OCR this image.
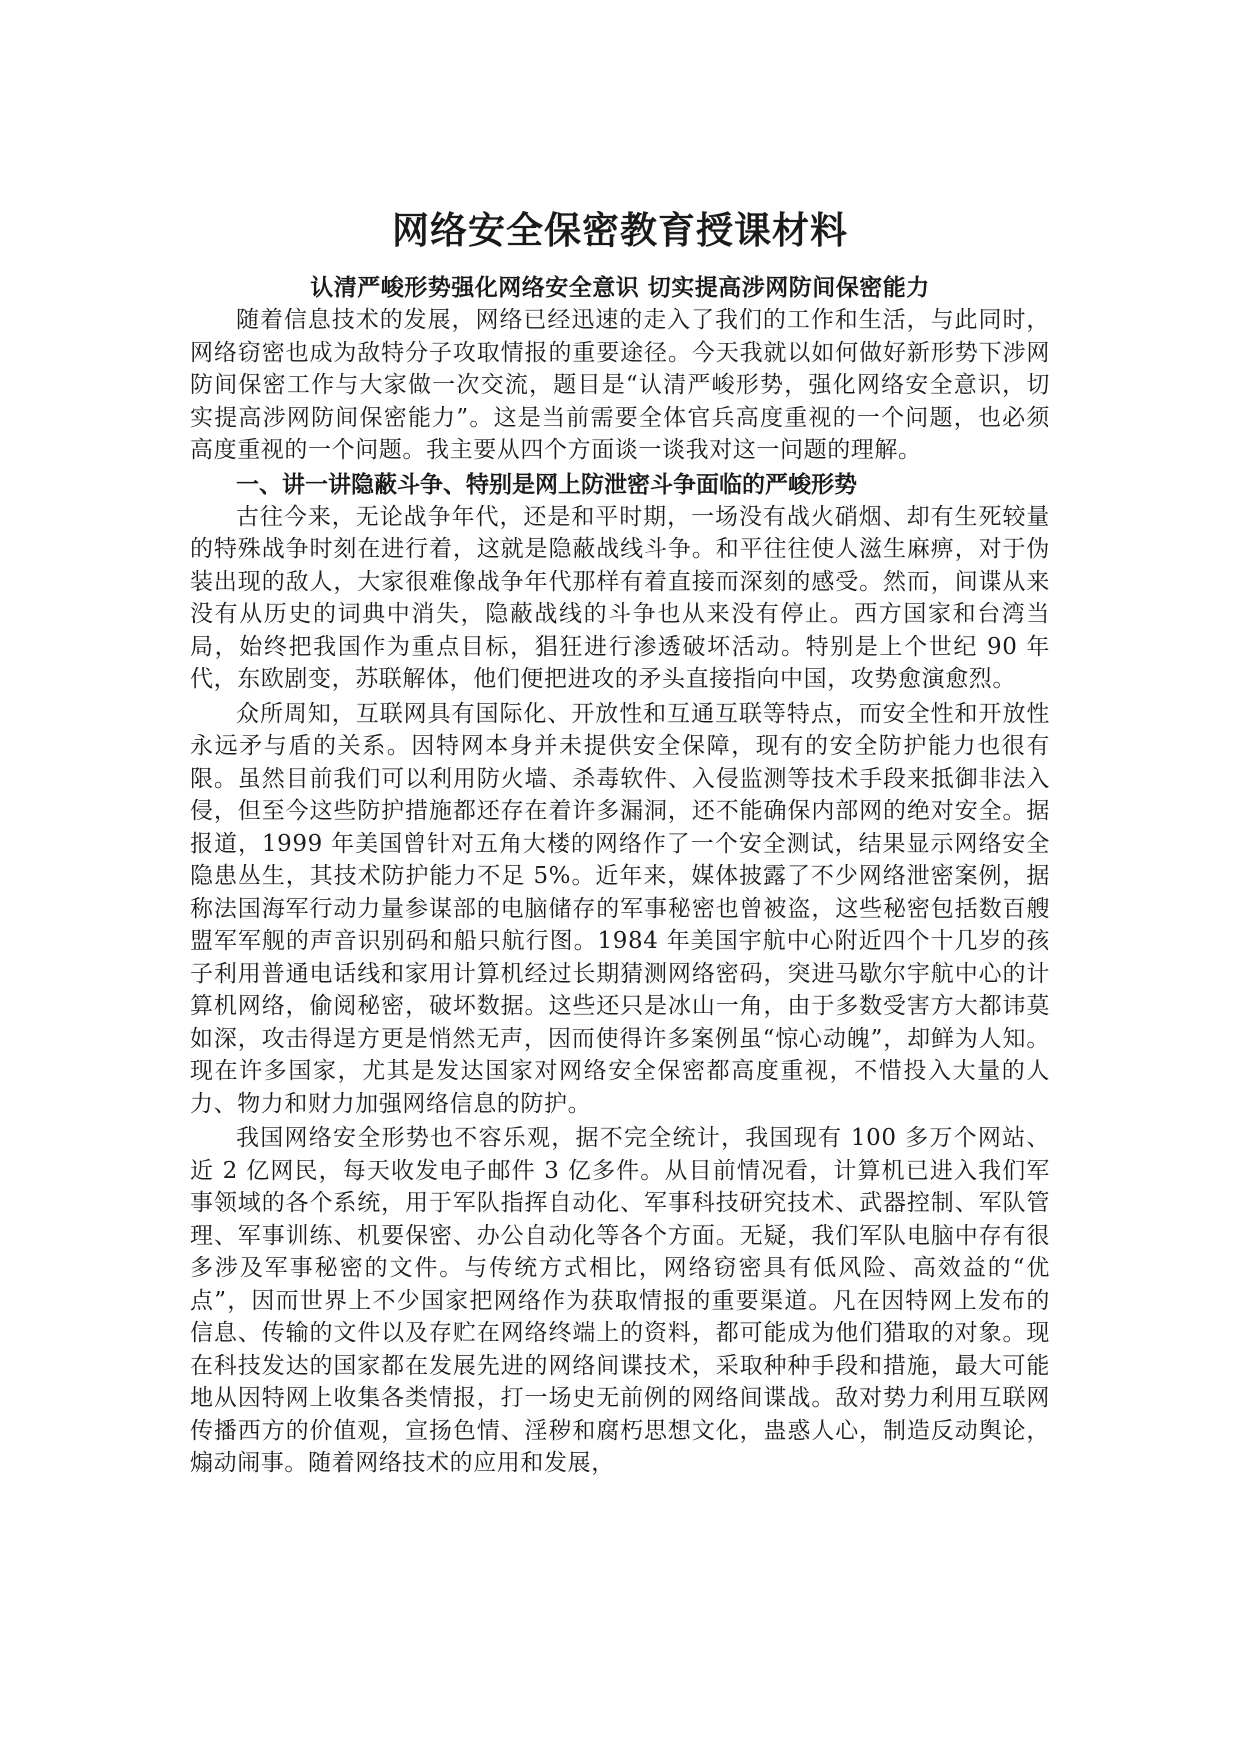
网络安全保密教育授课材料
认清严峻形势强化网络安全意识 切实提高涉网防间保密能力

随着信息技术的发展，网络已经迅速的走入了我们的工作和生活，与此同时，网络窃密也成为敌特分子攻取情报的重要途径。今天我就以如何做好新形势下涉网防间保密工作与大家做一次交流，题目是“认清严峻形势，强化网络安全意识，切实提高涉网防间保密能力”。这是当前需要全体官兵高度重视的一个问题，也必须高度重视的一个问题。我主要从四个方面谈一谈我对这一问题的理解。

一、讲一讲隐蔽斗争、特别是网上防泄密斗争面临的严峻形势

古往今来，无论战争年代，还是和平时期，一场没有战火硝烟、却有生死较量的特殊战争时刻在进行着，这就是隐蔽战线斗争。和平往往使人滋生麻痹，对于伪装出现的敌人，大家很难像战争年代那样有着直接而深刻的感受。然而，间谍从来没有从历史的词典中消失，隐蔽战线的斗争也从来没有停止。西方国家和台湾当局，始终把我国作为重点目标，猖狂进行渗透破坏活动。特别是上个世纪 90 年代，东欧剧变，苏联解体，他们便把进攻的矛头直接指向中国，攻势愈演愈烈。

众所周知，互联网具有国际化、开放性和互通互联等特点，而安全性和开放性永远矛与盾的关系。因特网本身并未提供安全保障，现有的安全防护能力也很有限。虽然目前我们可以利用防火墙、杀毒软件、入侵监测等技术手段来抵御非法入侵，但至今这些防护措施都还存在着许多漏洞，还不能确保内部网的绝对安全。据报道，1999 年美国曾针对五角大楼的网络作了一个安全测试，结果显示网络安全隐患丛生，其技术防护能力不足 5%。近年来，媒体披露了不少网络泄密案例，据称法国海军行动力量参谋部的电脑储存的军事秘密也曾被盗，这些秘密包括数百艘盟军军舰的声音识别码和船只航行图。1984 年美国宇航中心附近四个十几岁的孩子利用普通电话线和家用计算机经过长期猜测网络密码，突进马歇尔宇航中心的计算机网络，偷阅秘密，破坏数据。这些还只是冰山一角，由于多数受害方大都讳莫如深，攻击得逞方更是悄然无声，因而使得许多案例虽“惊心动魄”，却鲜为人知。现在许多国家，尤其是发达国家对网络安全保密都高度重视，不惜投入大量的人力、物力和财力加强网络信息的防护。

我国网络安全形势也不容乐观，据不完全统计，我国现有 100 多万个网站、近 2 亿网民，每天收发电子邮件 3 亿多件。从目前情况看，计算机已进入我们军事领域的各个系统，用于军队指挥自动化、军事科技研究技术、武器控制、军队管理、军事训练、机要保密、办公自动化等各个方面。无疑，我们军队电脑中存有很多涉及军事秘密的文件。与传统方式相比，网络窃密具有低风险、高效益的“优点”，因而世界上不少国家把网络作为获取情报的重要渠道。凡在因特网上发布的信息、传输的文件以及存贮在网络终端上的资料，都可能成为他们猎取的对象。现在科技发达的国家都在发展先进的网络间谍技术，采取种种手段和措施，最大可能地从因特网上收集各类情报，打一场史无前例的网络间谍战。敌对势力利用互联网传播西方的价值观，宣扬色情、淫秽和腐朽思想文化，蛊惑人心，制造反动舆论，煽动闹事。随着网络技术的应用和发展，
